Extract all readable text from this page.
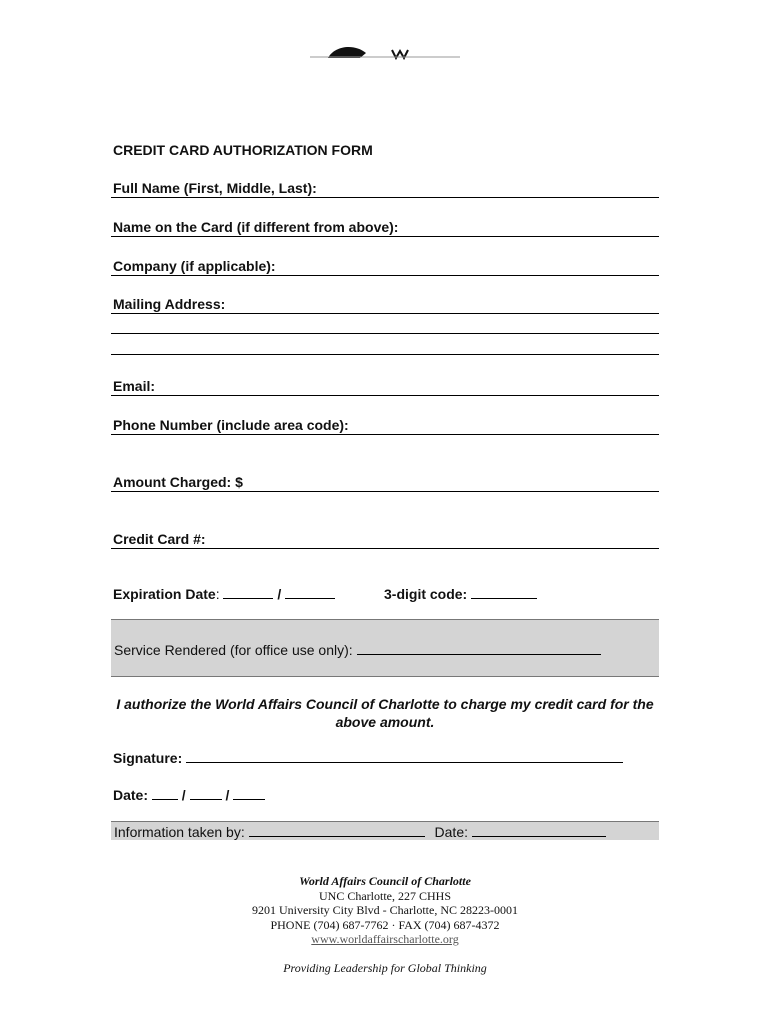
CREDIT CARD AUTHORIZATION FORM
Full Name (First, Middle, Last):
Name on the Card (if different from above):
Company (if applicable):
Mailing Address:
Email:
Phone Number (include area code):
Amount Charged: $
Credit Card #:
Expiration Date:	/	3-digit code:
Service Rendered (for office use only):
I authorize the World Affairs Council of Charlotte to charge my credit card for the above amount.
Signature:
Date: /	/
Information taken by:	Date:
World Affairs Council of Charlotte
UNC Charlotte, 227 CHHS
9201 University City Blvd - Charlotte, NC 28223-0001
PHONE (704) 687-7762 · FAX (704) 687-4372
www.worldaffairscharlotte.org
Providing Leadership for Global Thinking
